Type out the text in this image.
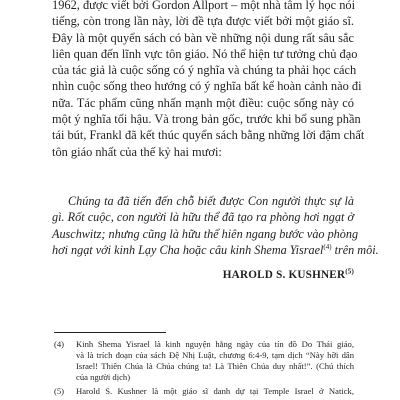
1962, được viết bởi Gordon Allport – một nhà tâm lý học nói
tiếng, còn trong lần này, lời đề tựa được viết bởi một giáo sĩ.
Đây là một quyển sách có bàn về những nội dung rất sâu sắc
liên quan đến lĩnh vực tôn giáo. Nó thể hiện tư tưởng chủ đạo
của tác giả là cuộc sống có ý nghĩa và chúng ta phải học cách
nhìn cuộc sống theo hướng có ý nghĩa bất kể hoàn cảnh nào đi
nữa. Tác phẩm cũng nhấn mạnh một điều: cuộc sống này có
một ý nghĩa tối hậu. Và trong bản gốc, trước khi bổ sung phần
tái bút, Frankl đã kết thúc quyển sách bằng những lời đậm chất
tôn giáo nhất của thế kỷ hai mươi:

Chúng ta đã tiến đến chỗ biết được Con người thực sự là
gì. Rốt cuộc, con người là hữu thể đã tạo ra phòng hơi ngạt ở
Auschwitz; nhưng cũng là hữu thể hiên ngang bước vào phòng
hơi ngạt với kinh Lạy Cha hoặc câu kinh Shema Yisrael$^{(4)}$ trên môi.

HAROLD S. KUSHNER$^{(5)}$
(4) Kinh Shema Yisrael là kinh nguyện hằng ngày của tín đồ Do Thái giáo,
và là trích đoạn của sách Đệ Nhị Luật, chương 6:4-9, tạm dịch “Này hỡi dân
Israel! Thiên Chúa là Chúa chúng ta! Là Thiên Chúa duy nhất!”. (Chú thích
của người dịch)
(5) Harold S. Kushner là một giáo sĩ danh dự tại Temple Israel ở Natick,
